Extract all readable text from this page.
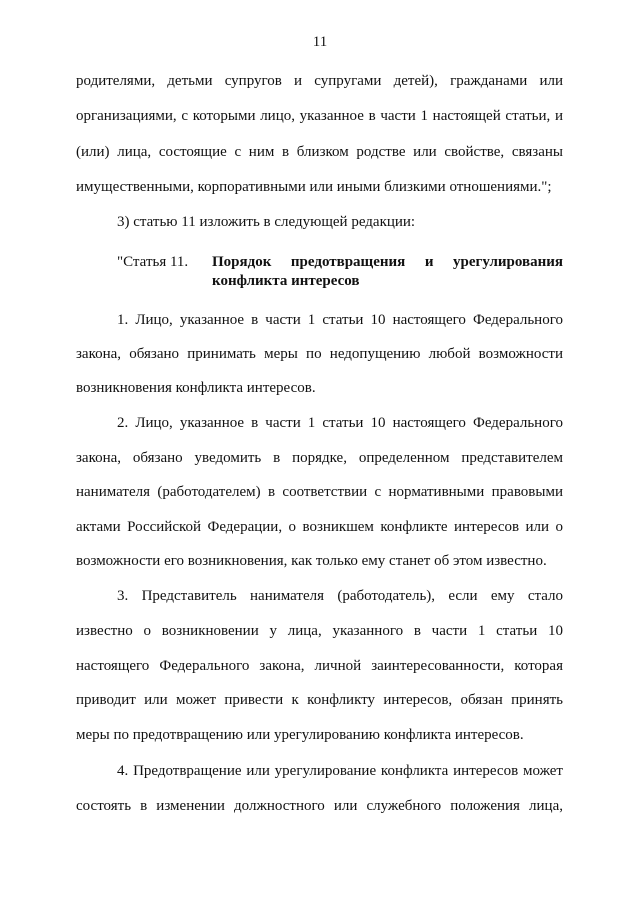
11
родителями, детьми супругов и супругами детей), гражданами или
организациями, с которыми лицо, указанное в части 1 настоящей статьи, и
(или) лица, состоящие с ним в близком родстве или свойстве, связаны
имущественными, корпоративными или иными близкими отношениями.";
3) статью 11 изложить в следующей редакции:
"Статья 11. Порядок предотвращения и урегулирования
конфликта интересов
1. Лицо, указанное в части 1 статьи 10 настоящего Федерального
закона, обязано принимать меры по недопущению любой возможности
возникновения конфликта интересов.
2. Лицо, указанное в части 1 статьи 10 настоящего Федерального
закона, обязано уведомить в порядке, определенном представителем
нанимателя (работодателем) в соответствии с нормативными правовыми
актами Российской Федерации, о возникшем конфликте интересов или о
возможности его возникновения, как только ему станет об этом известно.
3. Представитель нанимателя (работодатель), если ему стало
известно о возникновении у лица, указанного в части 1 статьи 10
настоящего Федерального закона, личной заинтересованности, которая
приводит или может привести к конфликту интересов, обязан принять
меры по предотвращению или урегулированию конфликта интересов.
4. Предотвращение или урегулирование конфликта интересов может
состоять в изменении должностного или служебного положения лица,
